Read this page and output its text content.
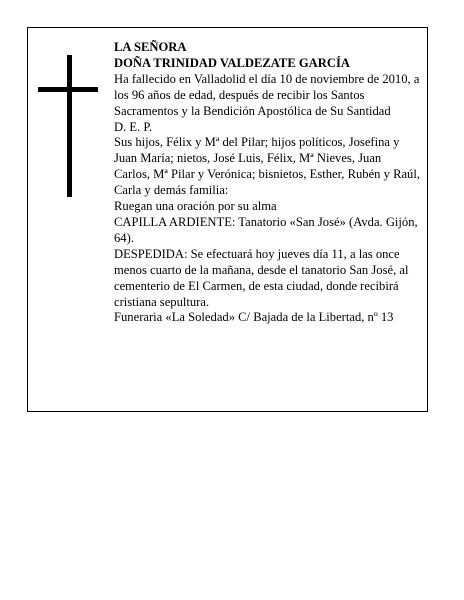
LA SEÑORA

DOÑA TRINIDAD VALDEZATE GARCÍA

Ha fallecido en Valladolid el día 10 de noviembre de 2010, a los 96 años de edad, después de recibir los Santos Sacramentos y la Bendición Apostólica de Su Santidad

D. E. P.

Sus hijos, Félix y Mª del Pilar; hijos políticos, Josefina y Juan María; nietos, José Luis, Félix, Mª Nieves, Juan Carlos, Mª Pilar y Verónica; bisnietos, Esther, Rubén y Raúl, Carla y demás familia:

Ruegan una oración por su alma

CAPILLA ARDIENTE: Tanatorio «San José» (Avda. Gijón, 64).

DESPEDIDA: Se efectuará hoy jueves día 11, a las once menos cuarto de la mañana, desde el tanatorio San José, al cementerio de El Carmen, de esta ciudad, donde recibirá cristiana sepultura.

Funeraria «La Soledad» C/ Bajada de la Libertad, nº 13
